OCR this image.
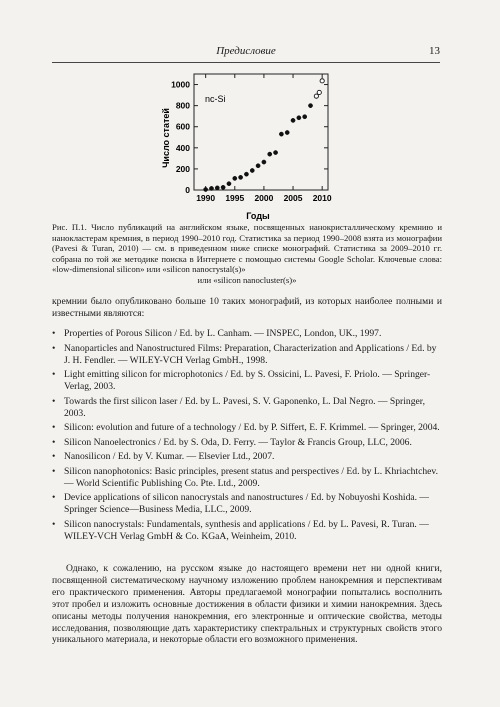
Предисловие	13
1990 1995 2000 2005 2010
0
200
400
600
800
1000
nc-Si
Годы
Число статей
Рис. П.1. Число публикаций на английском языке, посвященных нанокристаллическому кремнию и нанокластерам кремния, в период 1990–2010 год. Статистика за период 1990–2008 взята из монографии (Pavesi & Turan, 2010) — см. в приведенном ниже списке монографий. Статистика за 2009–2010 гг. собрана по той же методике поиска в Интернете с помощью системы Google Scholar. Ключевые слова: «low-dimensional silicon» или «silicon nanocrystal(s)»
или «silicon nanocluster(s)»
кремнии было опубликовано больше 10 таких монографий, из которых наиболее полными и известными являются:
• Properties of Porous Silicon / Ed. by L. Canham. — INSPEC, London, UK., 1997.
• Nanoparticles and Nanostructured Films: Preparation, Characterization and Applications / Ed. by J. H. Fendler. — WILEY-VCH Verlag GmbH., 1998.
• Light emitting silicon for microphotonics / Ed. by S. Ossicini, L. Pavesi, F. Priolo. — Springer-Verlag, 2003.
• Towards the first silicon laser / Ed. by L. Pavesi, S. V. Gaponenko, L. Dal Negro. — Springer, 2003.
• Silicon: evolution and future of a technology / Ed. by P. Siffert, E. F. Krimmel. — Springer, 2004.
• Silicon Nanoelectronics / Ed. by S. Oda, D. Ferry. — Taylor & Francis Group, LLC, 2006.
• Nanosilicon / Ed. by V. Kumar. — Elsevier Ltd., 2007.
• Silicon nanophotonics: Basic principles, present status and perspectives / Ed. by L. Khriachtchev. — World Scientific Publishing Co. Pte. Ltd., 2009.
• Device applications of silicon nanocrystals and nanostructures / Ed. by Nobuyoshi Koshida. — Springer Science—Business Media, LLC., 2009.
• Silicon nanocrystals: Fundamentals, synthesis and applications / Ed. by L. Pavesi, R. Turan. — WILEY-VCH Verlag GmbH & Co. KGaA, Weinheim, 2010.
Однако, к сожалению, на русском языке до настоящего времени нет ни одной книги, посвященной систематическому научному изложению проблем нанокремния и перспективам его практического применения. Авторы предлагаемой монографии попытались восполнить этот пробел и изложить основные достижения в области физики и химии нанокремния. Здесь описаны методы получения нанокремния, его электронные и оптические свойства, методы исследования, позволяющие дать характеристику спектральных и структурных свойств этого уникального материала, и некоторые области его возможного применения.
